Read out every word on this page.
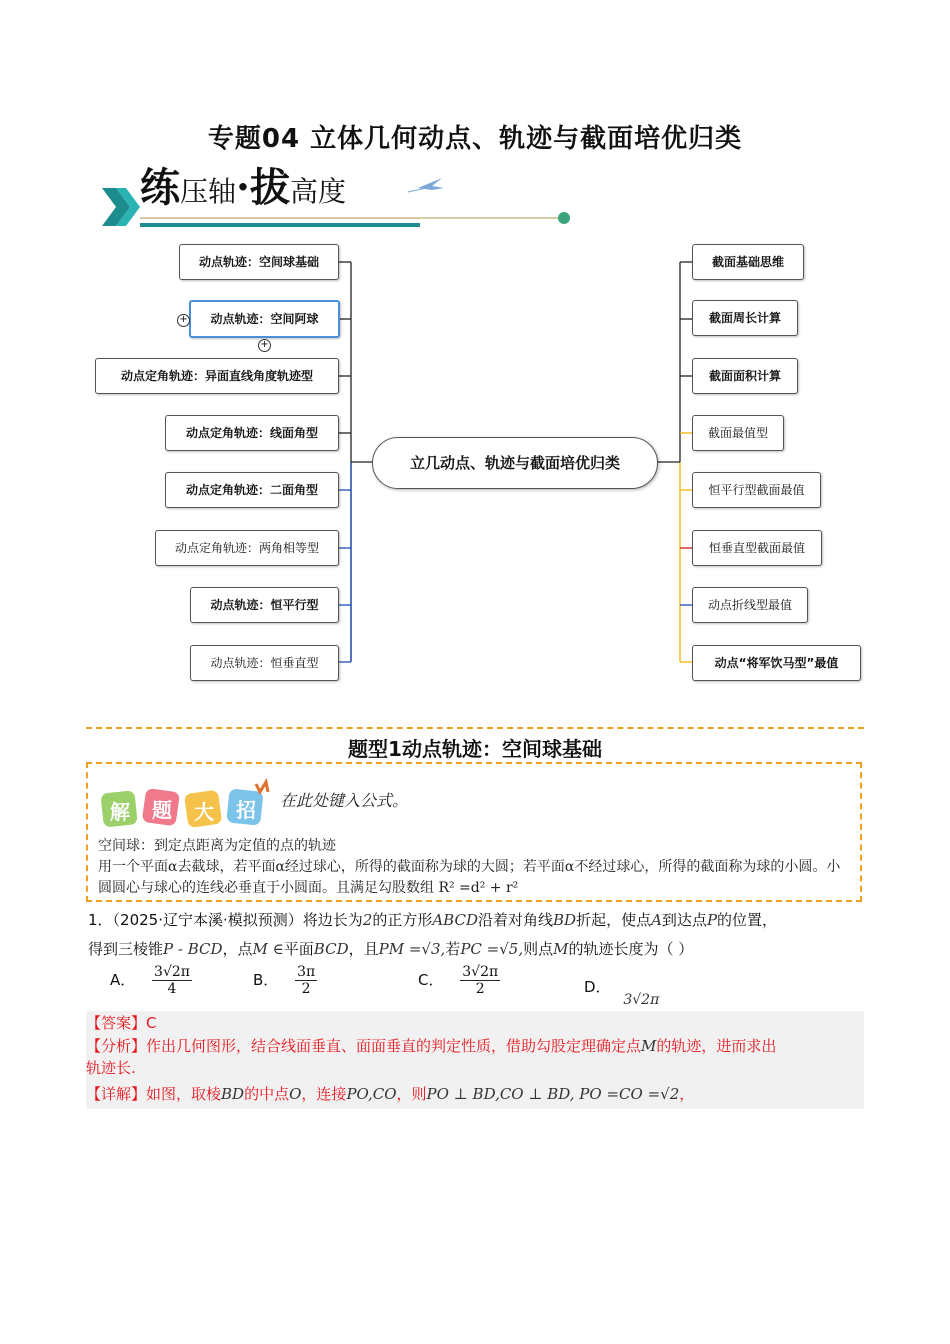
专题04 立体几何动点、轨迹与截面培优归类
练压轴·拔高度
动点轨迹：空间球基础
动点轨迹：空间阿球
+
+
动点定角轨迹：异面直线角度轨迹型
动点定角轨迹：线面角型
动点定角轨迹：二面角型
动点定角轨迹：两角相等型
动点轨迹：恒平行型
动点轨迹：恒垂直型
立几动点、轨迹与截面培优归类
截面基础思维
截面周长计算
截面面积计算
截面最值型
恒平行型截面最值
恒垂直型截面最值
动点折线型最值
动点“将军饮马型”最值
题型1动点轨迹：空间球基础
解 题 大 招 在此处键入公式。
空间球：到定点距离为定值的点的轨迹
用一个平面α去截球，若平面α经过球心，所得的截面称为球的大圆；若平面α不经过球心，所得的截面称为球的小圆。小圆圆心与球心的连线必垂直于小圆面。且满足勾股数组 R² =d² + r²
1．（2025·辽宁本溪·模拟预测）将边长为2的正方形ABCD沿着对角线BD折起，使点A到达点P的位置，
得到三棱锥P - BCD，点M ∈平面BCD，且PM =√3,若PC =√5,则点M的轨迹长度为（ ）
A． $\frac{3√2\pi}{4}$	B． $\frac{3\pi}{2}$	C． $\frac{3√2\pi}{2}$	D． 3√2π
【答案】C
【分析】作出几何图形，结合线面垂直、面面垂直的判定性质，借助勾股定理确定点M的轨迹，进而求出
轨迹长.
【详解】如图，取棱BD的中点O，连接PO,CO，则PO ⊥ BD,CO ⊥ BD, PO =CO =√2，
